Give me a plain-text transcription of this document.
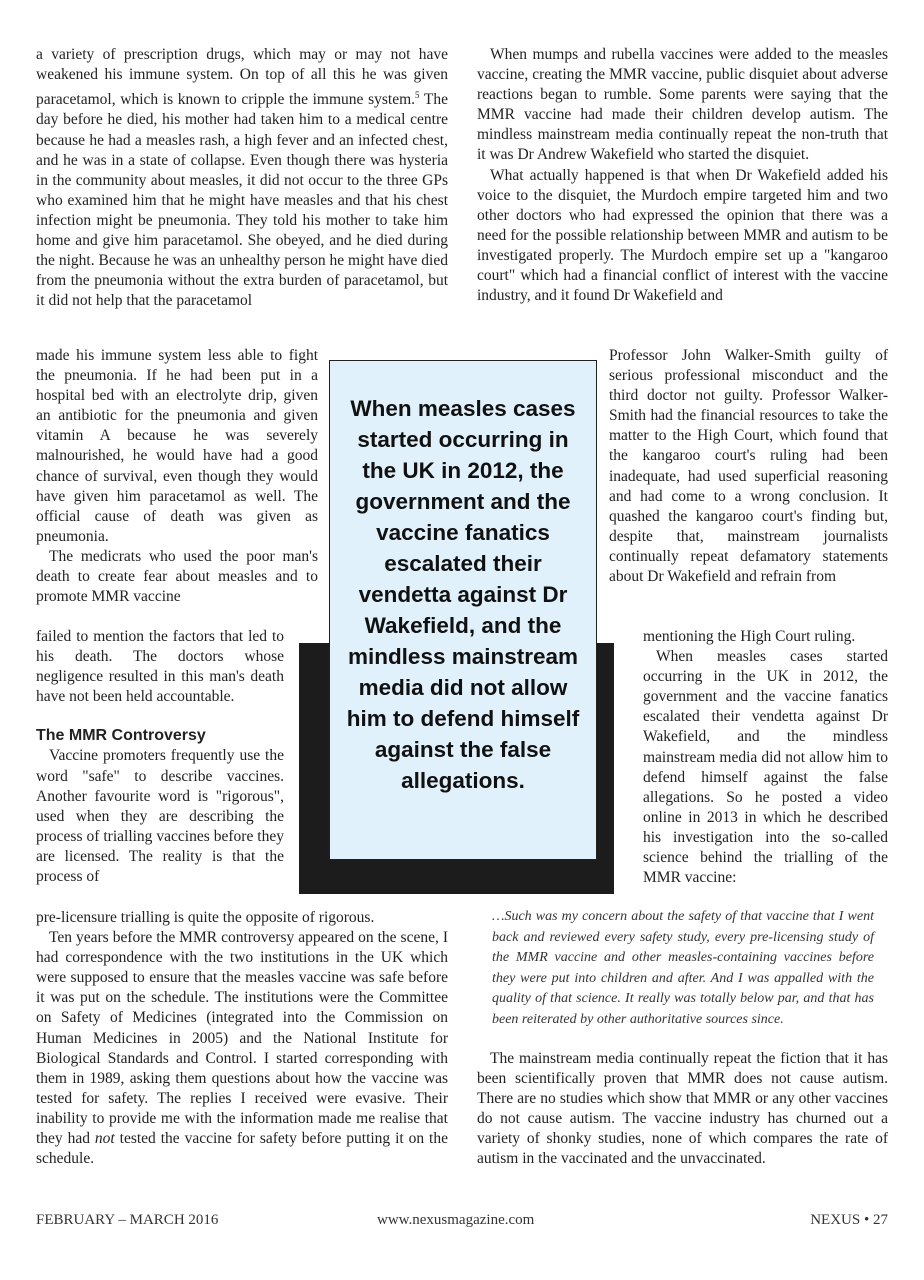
a variety of prescription drugs, which may or may not have weakened his immune system. On top of all this he was given paracetamol, which is known to cripple the immune system.$^5$ The day before he died, his mother had taken him to a medical centre because he had a measles rash, a high fever and an infected chest, and he was in a state of collapse. Even though there was hysteria in the community about measles, it did not occur to the three GPs who examined him that he might have measles and that his chest infection might be pneumonia. They told his mother to take him home and give him paracetamol. She obeyed, and he died during the night. Because he was an unhealthy person he might have died from the pneumonia without the extra burden of paracetamol, but it did not help that the paracetamol

made his immune system less able to fight the pneumonia. If he had been put in a hospital bed with an electrolyte drip, given an antibiotic for the pneumonia and given vitamin A because he was severely malnourished, he would have had a good chance of survival, even though they would have given him paracetamol as well. The official cause of death was given as pneumonia.

The medicrats who used the poor man's death to create fear about measles and to promote MMR vaccine

failed to mention the factors that led to his death. The doctors whose negligence resulted in this man's death have not been held accountable.

The MMR Controversy

Vaccine promoters frequently use the word "safe" to describe vaccines. Another favourite word is "rigorous", used when they are describing the process of trialling vaccines before they are licensed. The reality is that the process of

pre-licensure trialling is quite the opposite of rigorous.

Ten years before the MMR controversy appeared on the scene, I had correspondence with the two institutions in the UK which were supposed to ensure that the measles vaccine was safe before it was put on the schedule. The institutions were the Committee on Safety of Medicines (integrated into the Commission on Human Medicines in 2005) and the National Institute for Biological Standards and Control. I started corresponding with them in 1989, asking them questions about how the vaccine was tested for safety. The replies I received were evasive. Their inability to provide me with the information made me realise that they had not tested the vaccine for safety before putting it on the schedule.

When mumps and rubella vaccines were added to the measles vaccine, creating the MMR vaccine, public disquiet about adverse reactions began to rumble. Some parents were saying that the MMR vaccine had made their children develop autism. The mindless mainstream media continually repeat the non-truth that it was Dr Andrew Wakefield who started the disquiet.

What actually happened is that when Dr Wakefield added his voice to the disquiet, the Murdoch empire targeted him and two other doctors who had expressed the opinion that there was a need for the possible relationship between MMR and autism to be investigated properly. The Murdoch empire set up a "kangaroo court" which had a financial conflict of interest with the vaccine industry, and it found Dr Wakefield and

Professor John Walker-Smith guilty of serious professional misconduct and the third doctor not guilty. Professor Walker-Smith had the financial resources to take the matter to the High Court, which found that the kangaroo court's ruling had been inadequate, had used superficial reasoning and had come to a wrong conclusion. It quashed the kangaroo court's finding but, despite that, mainstream journalists continually repeat defamatory statements about Dr Wakefield and refrain from

mentioning the High Court ruling.

When measles cases started occurring in the UK in 2012, the government and the vaccine fanatics escalated their vendetta against Dr Wakefield, and the mindless mainstream media did not allow him to defend himself against the false allegations. So he posted a video online in 2013 in which he described his investigation into the so-called science behind the trialling of the MMR vaccine:

…Such was my concern about the safety of that vaccine that I went back and reviewed every safety study, every pre-licensing study of the MMR vaccine and other measles-containing vaccines before they were put into children and after. And I was appalled with the quality of that science. It really was totally below par, and that has been reiterated by other authoritative sources since.

The mainstream media continually repeat the fiction that it has been scientifically proven that MMR does not cause autism. There are no studies which show that MMR or any other vaccines do not cause autism. The vaccine industry has churned out a variety of shonky studies, none of which compares the rate of autism in the vaccinated and the unvaccinated.

When measles cases started occurring in the UK in 2012, the government and the vaccine fanatics escalated their vendetta against Dr Wakefield, and the mindless mainstream media did not allow him to defend himself against the false allegations.
FEBRUARY – MARCH 2016	www.nexusmagazine.com	NEXUS • 27
